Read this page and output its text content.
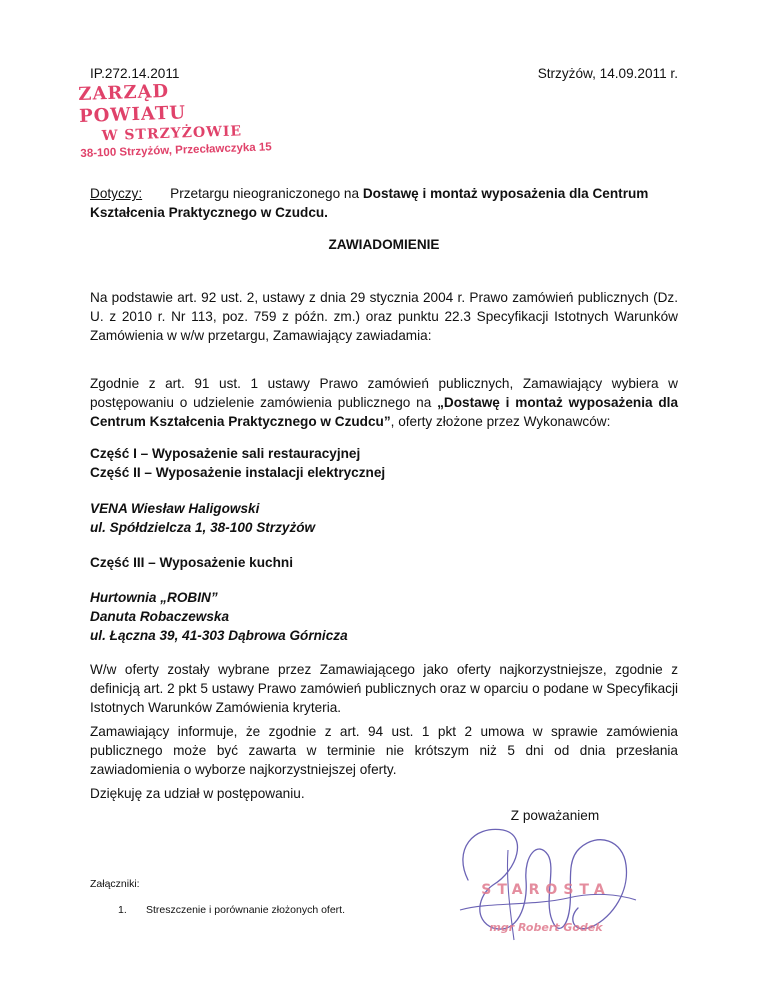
IP.272.14.2011	Strzyżów, 14.09.2011 r.
ZARZĄD POWIATU
W STRZYŻOWIE
38-100 Strzyżów, Przecławczyka 15
Dotyczy: Przetargu nieograniczonego na Dostawę i montaż wyposażenia dla Centrum Kształcenia Praktycznego w Czudcu.
ZAWIADOMIENIE
Na podstawie art. 92 ust. 2, ustawy z dnia 29 stycznia 2004 r. Prawo zamówień publicznych (Dz. U. z 2010 r. Nr 113, poz. 759 z późn. zm.) oraz punktu 22.3 Specyfikacji Istotnych Warunków Zamówienia w w/w przetargu, Zamawiający zawiadamia:
Zgodnie z art. 91 ust. 1 ustawy Prawo zamówień publicznych, Zamawiający wybiera w postępowaniu o udzielenie zamówienia publicznego na „Dostawę i montaż wyposażenia dla Centrum Kształcenia Praktycznego w Czudcu”, oferty złożone przez Wykonawców:
Część I – Wyposażenie sali restauracyjnej
Część II – Wyposażenie instalacji elektrycznej
VENA Wiesław Haligowski
ul. Spółdzielcza 1, 38-100 Strzyżów
Część III – Wyposażenie kuchni
Hurtownia „ROBIN”
Danuta Robaczewska
ul. Łączna 39, 41-303 Dąbrowa Górnicza
W/w oferty zostały wybrane przez Zamawiającego jako oferty najkorzystniejsze, zgodnie z definicją art. 2 pkt 5 ustawy Prawo zamówień publicznych oraz w oparciu o podane w Specyfikacji Istotnych Warunków Zamówienia kryteria.
Zamawiający informuje, że zgodnie z art. 94 ust. 1 pkt 2 umowa w sprawie zamówienia publicznego może być zawarta w terminie nie krótszym niż 5 dni od dnia przesłania zawiadomienia o wyborze najkorzystniejszej oferty.
Dziękuję za udział w postępowaniu.
Z poważaniem
STAROSTA
mgr Robert Godek
Załączniki:
1. Streszczenie i porównanie złożonych ofert.
